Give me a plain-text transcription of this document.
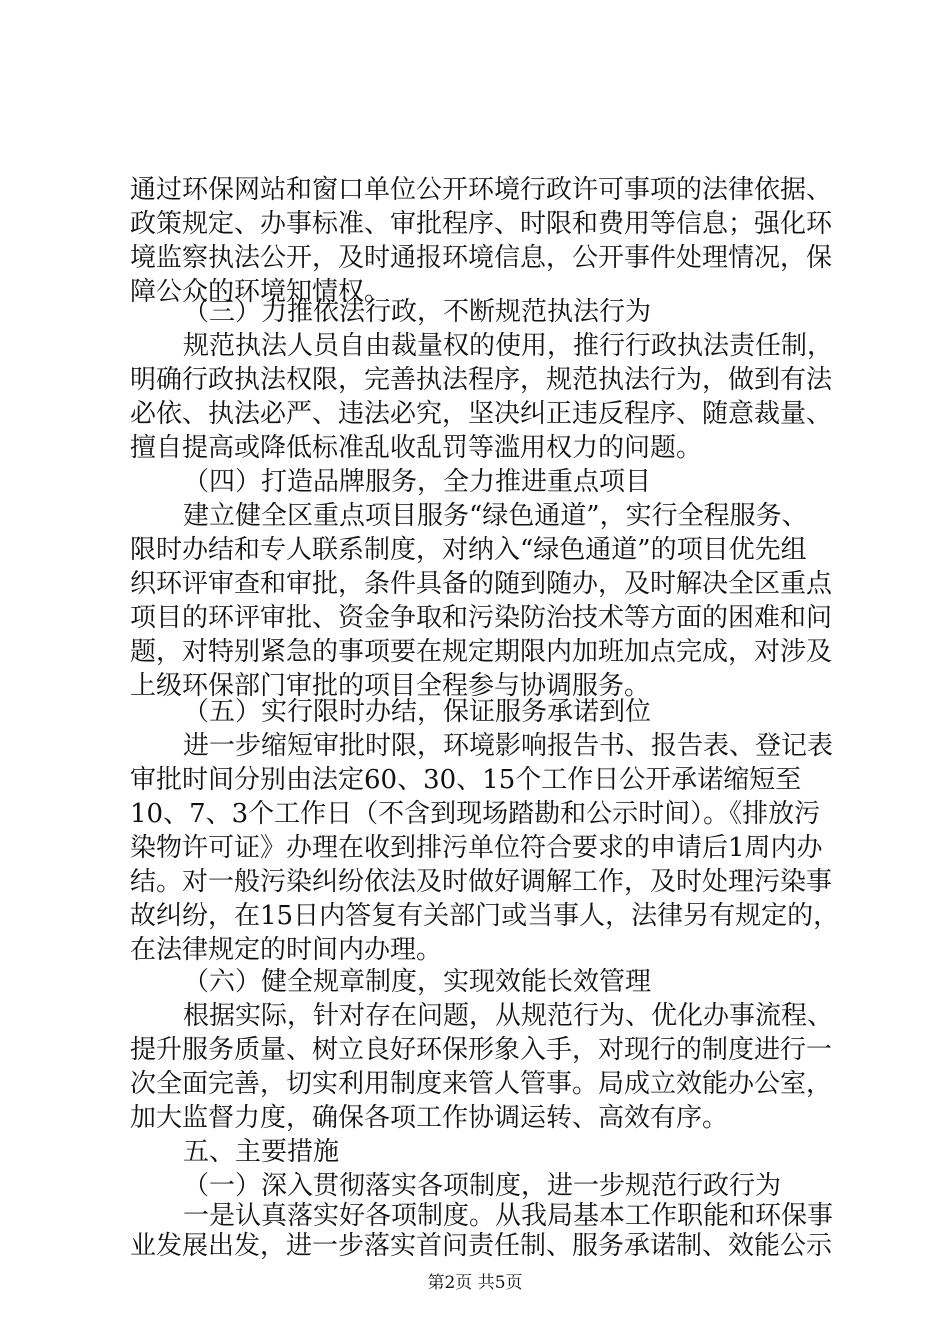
通过环保网站和窗口单位公开环境行政许可事项的法律依据、
政策规定、办事标准、审批程序、时限和费用等信息；强化环
境监察执法公开，及时通报环境信息，公开事件处理情况，保
障公众的环境知情权。
（三）力推依法行政，不断规范执法行为
规范执法人员自由裁量权的使用，推行行政执法责任制，
明确行政执法权限，完善执法程序，规范执法行为，做到有法
必依、执法必严、违法必究，坚决纠正违反程序、随意裁量、
擅自提高或降低标准乱收乱罚等滥用权力的问题。
（四）打造品牌服务，全力推进重点项目
建立健全区重点项目服务“绿色通道”，实行全程服务、
限时办结和专人联系制度，对纳入“绿色通道”的项目优先组
织环评审查和审批，条件具备的随到随办，及时解决全区重点
项目的环评审批、资金争取和污染防治技术等方面的困难和问
题，对特别紧急的事项要在规定期限内加班加点完成，对涉及
上级环保部门审批的项目全程参与协调服务。
（五）实行限时办结，保证服务承诺到位
进一步缩短审批时限，环境影响报告书、报告表、登记表
审批时间分别由法定60、30、15个工作日公开承诺缩短至
10、7、3个工作日（不含到现场踏勘和公示时间）。《排放污
染物许可证》办理在收到排污单位符合要求的申请后1周内办
结。对一般污染纠纷依法及时做好调解工作，及时处理污染事
故纠纷，在15日内答复有关部门或当事人，法律另有规定的，
在法律规定的时间内办理。
（六）健全规章制度，实现效能长效管理
根据实际，针对存在问题，从规范行为、优化办事流程、
提升服务质量、树立良好环保形象入手，对现行的制度进行一
次全面完善，切实利用制度来管人管事。局成立效能办公室，
加大监督力度，确保各项工作协调运转、高效有序。
五、主要措施
（一）深入贯彻落实各项制度，进一步规范行政行为
一是认真落实好各项制度。从我局基本工作职能和环保事
业发展出发，进一步落实首问责任制、服务承诺制、效能公示
第2页 共5页
